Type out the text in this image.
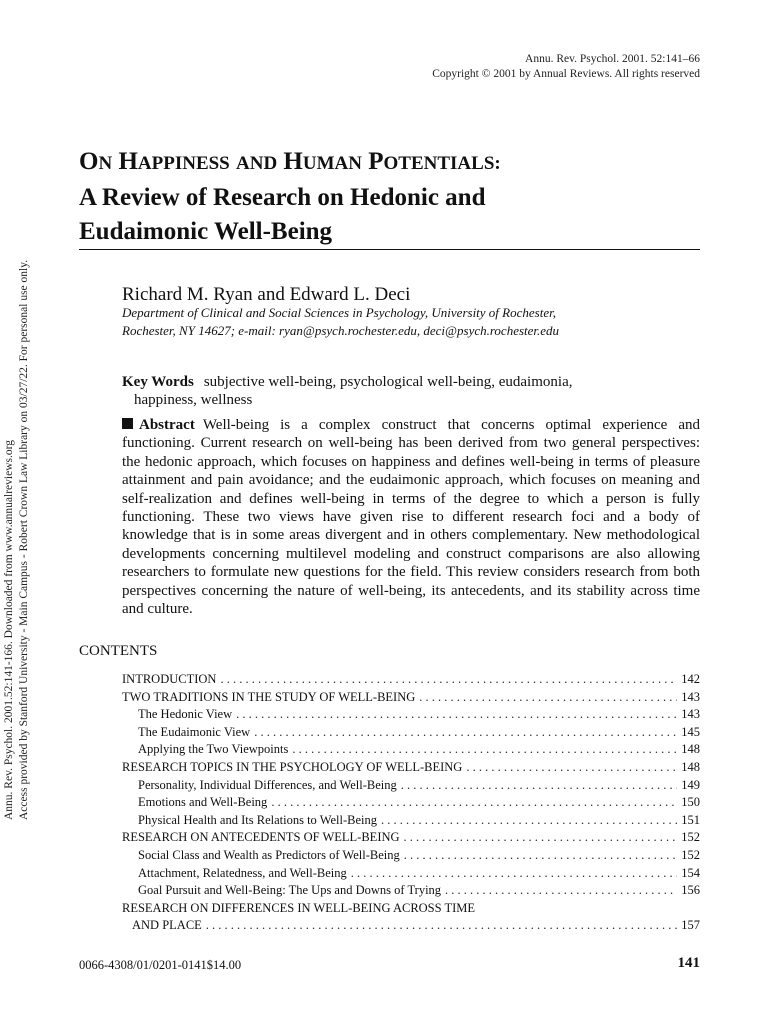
Annu. Rev. Psychol. 2001.52:141-166. Downloaded from www.annualreviews.org Access provided by Stanford University - Main Campus - Robert Crown Law Library on 03/27/22. For personal use only.
Annu. Rev. Psychol. 2001. 52:141–66
Copyright © 2001 by Annual Reviews. All rights reserved
ON HAPPINESS AND HUMAN POTENTIALS:
A Review of Research on Hedonic and
Eudaimonic Well-Being
Richard M. Ryan and Edward L. Deci
Department of Clinical and Social Sciences in Psychology, University of Rochester,
Rochester, NY 14627; e-mail: ryan@psych.rochester.edu, deci@psych.rochester.edu
Key Words subjective well-being, psychological well-being, eudaimonia,
happiness, wellness
Abstract Well-being is a complex construct that concerns optimal experience and functioning. Current research on well-being has been derived from two general perspectives: the hedonic approach, which focuses on happiness and defines well-being in terms of pleasure attainment and pain avoidance; and the eudaimonic approach, which focuses on meaning and self-realization and defines well-being in terms of the degree to which a person is fully functioning. These two views have given rise to different research foci and a body of knowledge that is in some areas divergent and in others complementary. New methodological developments concerning multilevel modeling and construct comparisons are also allowing researchers to formulate new questions for the field. This review considers research from both perspectives concerning the nature of well-being, its antecedents, and its stability across time and culture.
CONTENTS
INTRODUCTION . . .	142
TWO TRADITIONS IN THE STUDY OF WELL-BEING . . .	143
The Hedonic View . . .	143
The Eudaimonic View . . .	145
Applying the Two Viewpoints . . .	148
RESEARCH TOPICS IN THE PSYCHOLOGY OF WELL-BEING . . .	148
Personality, Individual Differences, and Well-Being . . .	149
Emotions and Well-Being . . .	150
Physical Health and Its Relations to Well-Being . . .	151
RESEARCH ON ANTECEDENTS OF WELL-BEING . . .	152
Social Class and Wealth as Predictors of Well-Being . . .	152
Attachment, Relatedness, and Well-Being . . .	154
Goal Pursuit and Well-Being: The Ups and Downs of Trying . . .	156
RESEARCH ON DIFFERENCES IN WELL-BEING ACROSS TIME
AND PLACE . . .	157
0066-4308/01/0201-0141$14.00	141
